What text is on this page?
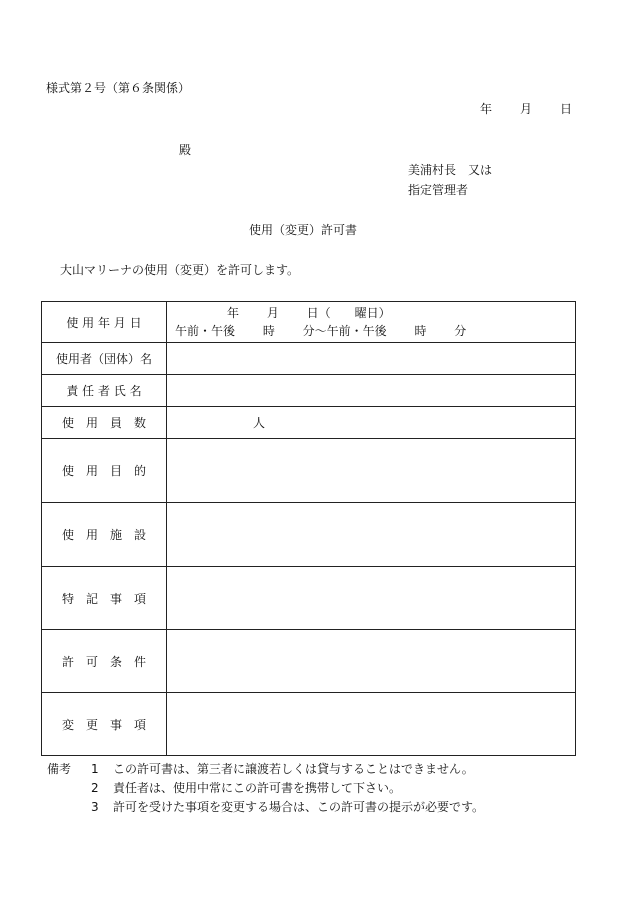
様式第２号（第６条関係）
年 月 日
殿
美浦村長　又は
指定管理者
使用（変更）許可書
大山マリーナの使用（変更）を許可します。
使 用 年 月 日	年　　 月　　 日（　　曜日）
午前・午後　　 時　　 分～午前・午後　　 時　　 分

使用者（団体）名	
責 任 者 氏 名	
使　用　員　数	人
使　用　目　的	
使　用　施　設	
特　記　事　項	
許　可　条　件	
変　更　事　項	
備考 1 この許可書は、第三者に譲渡若しくは貸与することはできません。
2 責任者は、使用中常にこの許可書を携帯して下さい。
3 許可を受けた事項を変更する場合は、この許可書の提示が必要です。
